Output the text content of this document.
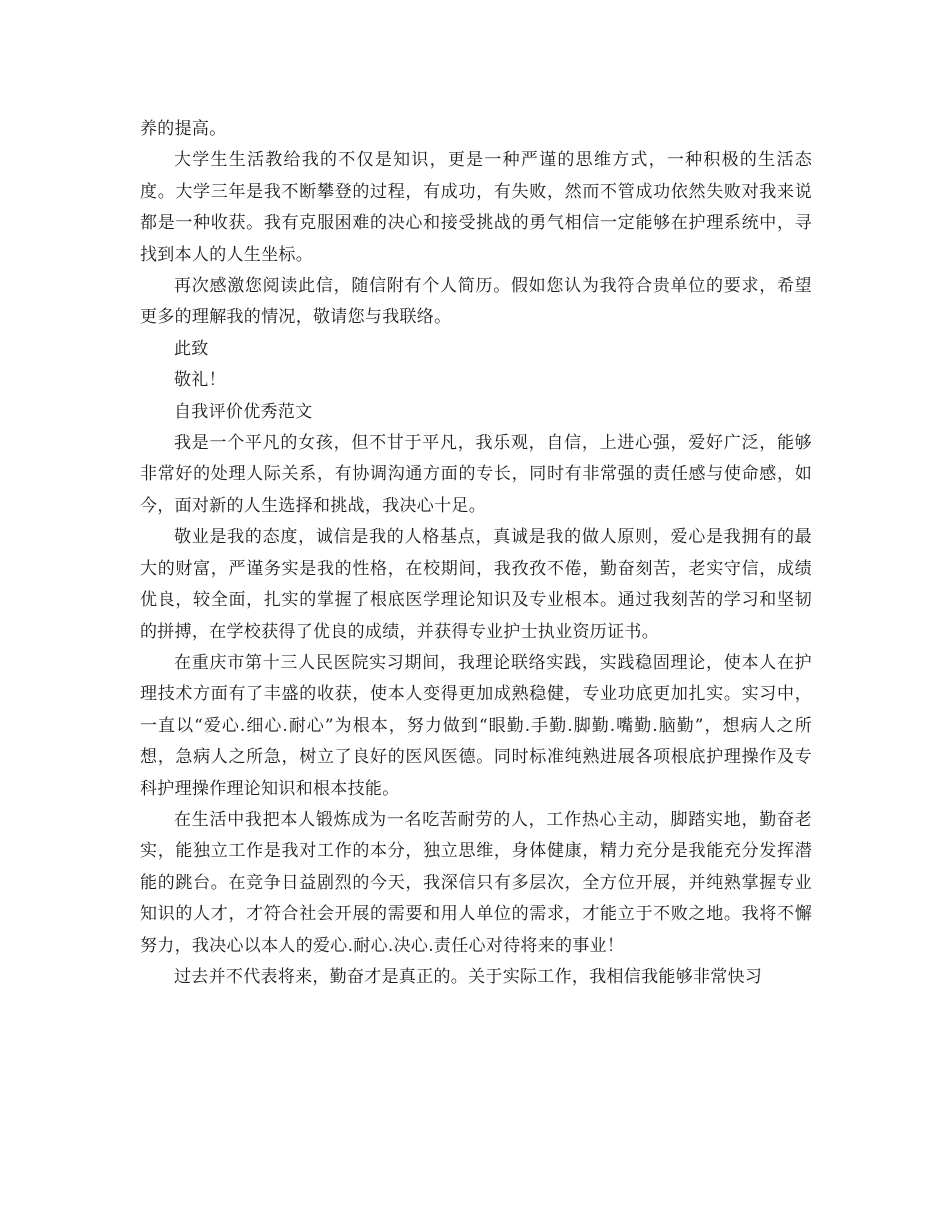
养的提高。

大学生生活教给我的不仅是知识，更是一种严谨的思维方式，一种积极的生活态度。大学三年是我不断攀登的过程，有成功，有失败，然而不管成功依然失败对我来说都是一种收获。我有克服困难的决心和接受挑战的勇气相信一定能够在护理系统中，寻找到本人的人生坐标。

再次感激您阅读此信，随信附有个人简历。假如您认为我符合贵单位的要求，希望更多的理解我的情况，敬请您与我联络。

此致

敬礼！

自我评价优秀范文

我是一个平凡的女孩，但不甘于平凡，我乐观，自信，上进心强，爱好广泛，能够非常好的处理人际关系，有协调沟通方面的专长，同时有非常强的责任感与使命感，如今，面对新的人生选择和挑战，我决心十足。

敬业是我的态度，诚信是我的人格基点，真诚是我的做人原则，爱心是我拥有的最大的财富，严谨务实是我的性格，在校期间，我孜孜不倦，勤奋刻苦，老实守信，成绩优良，较全面，扎实的掌握了根底医学理论知识及专业根本。通过我刻苦的学习和坚韧的拼搏，在学校获得了优良的成绩，并获得专业护士执业资历证书。

在重庆市第十三人民医院实习期间，我理论联络实践，实践稳固理论，使本人在护理技术方面有了丰盛的收获，使本人变得更加成熟稳健，专业功底更加扎实。实习中，一直以“爱心.细心.耐心”为根本，努力做到“眼勤.手勤.脚勤.嘴勤.脑勤”，想病人之所想，急病人之所急，树立了良好的医风医德。同时标准纯熟进展各项根底护理操作及专科护理操作理论知识和根本技能。

在生活中我把本人锻炼成为一名吃苦耐劳的人，工作热心主动，脚踏实地，勤奋老实，能独立工作是我对工作的本分，独立思维，身体健康，精力充分是我能充分发挥潜能的跳台。在竞争日益剧烈的今天，我深信只有多层次，全方位开展，并纯熟掌握专业知识的人才，才符合社会开展的需要和用人单位的需求，才能立于不败之地。我将不懈努力，我决心以本人的爱心.耐心.决心.责任心对待将来的事业！

过去并不代表将来，勤奋才是真正的。关于实际工作，我相信我能够非常快习
